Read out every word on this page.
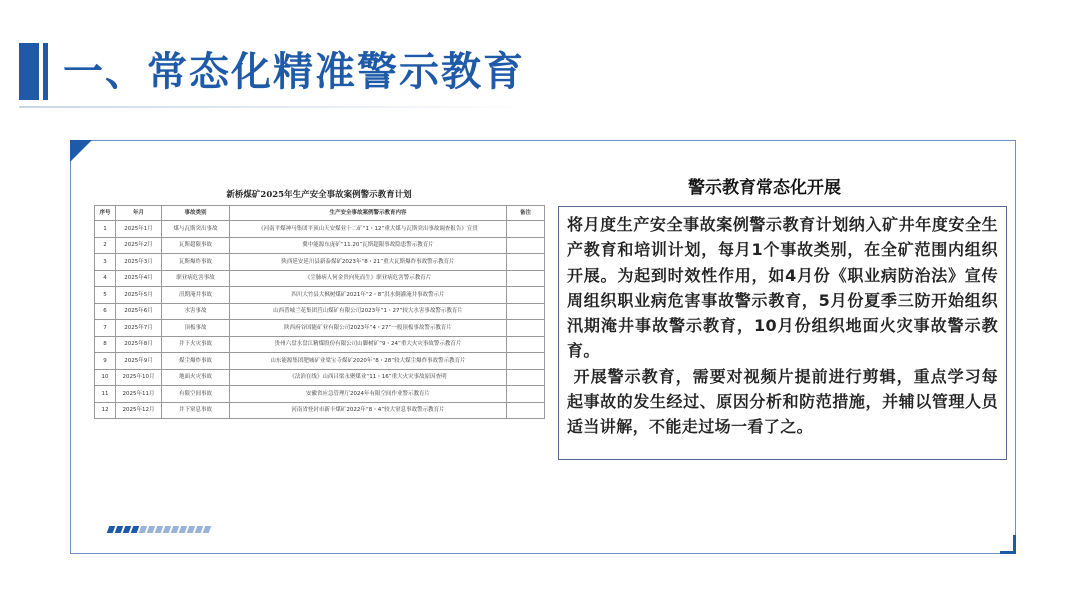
一、常态化精准警示教育
新桥煤矿2025年生产安全事故案例警示教育计划
序号	年月	事故类别	生产安全事故案例警示教育内容	备注
1	2025年1月	煤与瓦斯突出事故	《河南平煤神马集团平顶山天安煤业十二矿“1・12”重大煤与瓦斯突出事故调查报告》宣贯	
2	2025年2月	瓦斯超限事故	冀中能源东庞矿“11.20”瓦斯超限事故隐患警示教育片	
3	2025年3月	瓦斯爆炸事故	陕西延安延川县新泰煤矿2023年“8・21”重大瓦斯爆炸事故警示教育片	
4	2025年4月	职业病危害事故	《尘肺病人何金贵向死而生》职业病危害警示教育片	
5	2025年5月	汛期淹井事故	四川大竹县大枫树煤矿2021年“2・8”洪水倒灌淹井事故警示片	
6	2025年6月	水害事故	山西普城兰花集团莒山煤矿有限公司2023年“1・27”较大水害事故警示教育片	
7	2025年7月	顶板事故	陕西府谷国能矿业有限公司2023年“4・27”一般顶板事故警示教育片	
8	2025年8月	井下火灾事故	贵州六盘水盘江精煤股份有限公司山脚树矿“9・24”重大火灾事故警示教育片	
9	2025年9月	煤尘爆炸事故	山东能源集团肥城矿业梁宝寺煤矿2020年“8・28”较大煤尘爆炸事故警示教育片	
10	2025年10月	地面火灾事故	《法治在线》山西吕梁永聚煤业“11・16”重大火灾事故原因查明	
11	2025年11月	有限空间事故	安徽省应急管理厅2024年有限空间作业警示教育片	
12	2025年12月	井下窒息事故	河南省登封市新丰煤矿2022年“8・4”较大窒息事故警示教育片	
警示教育常态化开展

将月度生产安全事故案例警示教育计划纳入矿井年度安全生产教育和培训计划，每月1个事故类别，在全矿范围内组织开展。为起到时效性作用，如4月份《职业病防治法》宣传周组织职业病危害事故警示教育，5月份夏季三防开始组织汛期淹井事故警示教育，10月份组织地面火灾事故警示教育。

开展警示教育，需要对视频片提前进行剪辑，重点学习每起事故的发生经过、原因分析和防范措施，并辅以管理人员适当讲解，不能走过场一看了之。
